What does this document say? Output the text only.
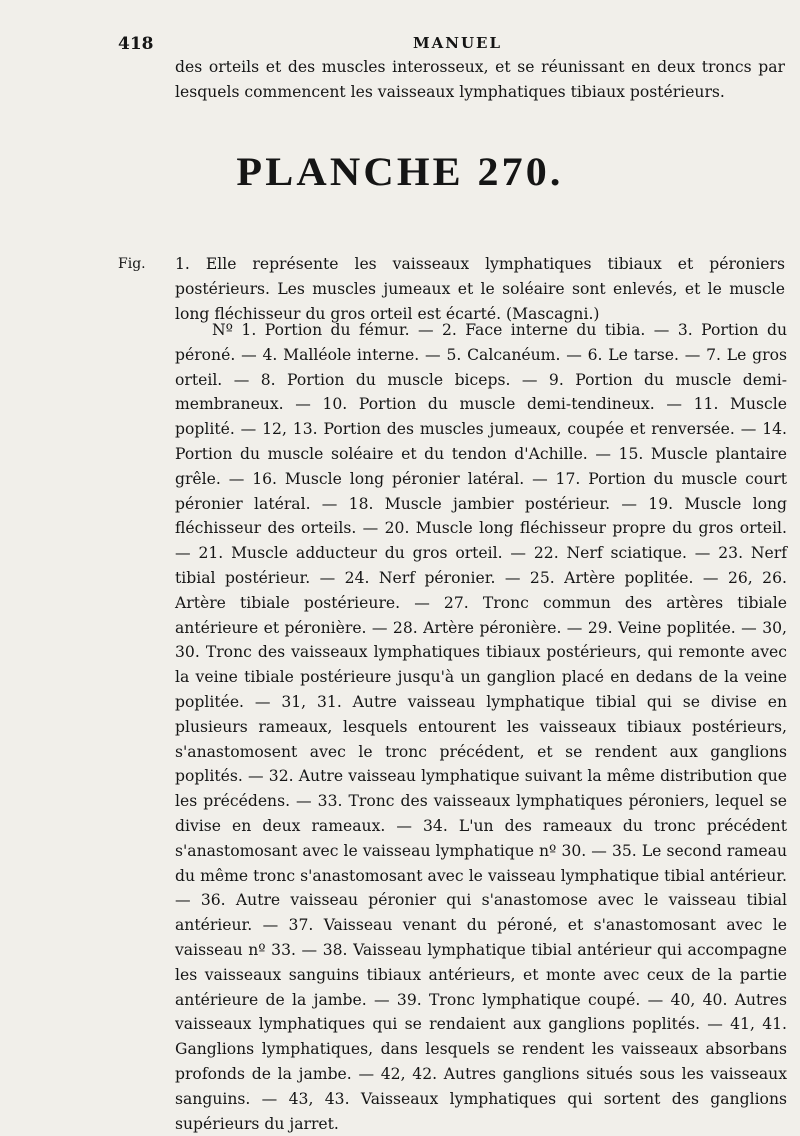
418	MANUEL

des orteils et des muscles interosseux, et se réunissant en deux troncs par lesquels commencent les vaisseaux lymphatiques tibiaux postérieurs.

PLANCHE 270.
Fig. 1. Elle représente les vaisseaux lymphatiques tibiaux et péroniers postérieurs. Les muscles jumeaux et le soléaire sont enlevés, et le muscle long fléchisseur du gros orteil est écarté. (Mascagni.)

Nº 1. Portion du fémur. — 2. Face interne du tibia. — 3. Portion du péroné. — 4. Malléole interne. — 5. Calcanéum. — 6. Le tarse. — 7. Le gros orteil. — 8. Portion du muscle biceps. — 9. Portion du muscle demi-membraneux. — 10. Portion du muscle demi-tendineux. — 11. Muscle poplité. — 12, 13. Portion des muscles jumeaux, coupée et renversée. — 14. Portion du muscle soléaire et du tendon d'Achille. — 15. Muscle plantaire grêle. — 16. Muscle long péronier latéral. — 17. Portion du muscle court péronier latéral. — 18. Muscle jambier postérieur. — 19. Muscle long fléchisseur des orteils. — 20. Muscle long fléchisseur propre du gros orteil. — 21. Muscle adducteur du gros orteil. — 22. Nerf sciatique. — 23. Nerf tibial postérieur. — 24. Nerf péronier. — 25. Artère poplitée. — 26, 26. Artère tibiale postérieure. — 27. Tronc commun des artères tibiale antérieure et péronière. — 28. Artère péronière. — 29. Veine poplitée. — 30, 30. Tronc des vaisseaux lymphatiques tibiaux postérieurs, qui remonte avec la veine tibiale postérieure jusqu'à un ganglion placé en dedans de la veine poplitée. — 31, 31. Autre vaisseau lymphatique tibial qui se divise en plusieurs rameaux, lesquels entourent les vaisseaux tibiaux postérieurs, s'anastomosent avec le tronc précédent, et se rendent aux ganglions poplités. — 32. Autre vaisseau lymphatique suivant la même distribution que les précédens. — 33. Tronc des vaisseaux lymphatiques péroniers, lequel se divise en deux rameaux. — 34. L'un des rameaux du tronc précédent s'anastomosant avec le vaisseau lymphatique nº 30. — 35. Le second rameau du même tronc s'anastomosant avec le vaisseau lymphatique tibial antérieur. — 36. Autre vaisseau péronier qui s'anastomose avec le vaisseau tibial antérieur. — 37. Vaisseau venant du péroné, et s'anastomosant avec le vaisseau nº 33. — 38. Vaisseau lymphatique tibial antérieur qui accompagne les vaisseaux sanguins tibiaux antérieurs, et monte avec ceux de la partie antérieure de la jambe. — 39. Tronc lymphatique coupé. — 40, 40. Autres vaisseaux lymphatiques qui se rendaient aux ganglions poplités. — 41, 41. Ganglions lymphatiques, dans lesquels se rendent les vaisseaux absorbans profonds de la jambe. — 42, 42. Autres ganglions situés sous les vaisseaux sanguins. — 43, 43. Vaisseaux lymphatiques qui sortent des ganglions supérieurs du jarret.
